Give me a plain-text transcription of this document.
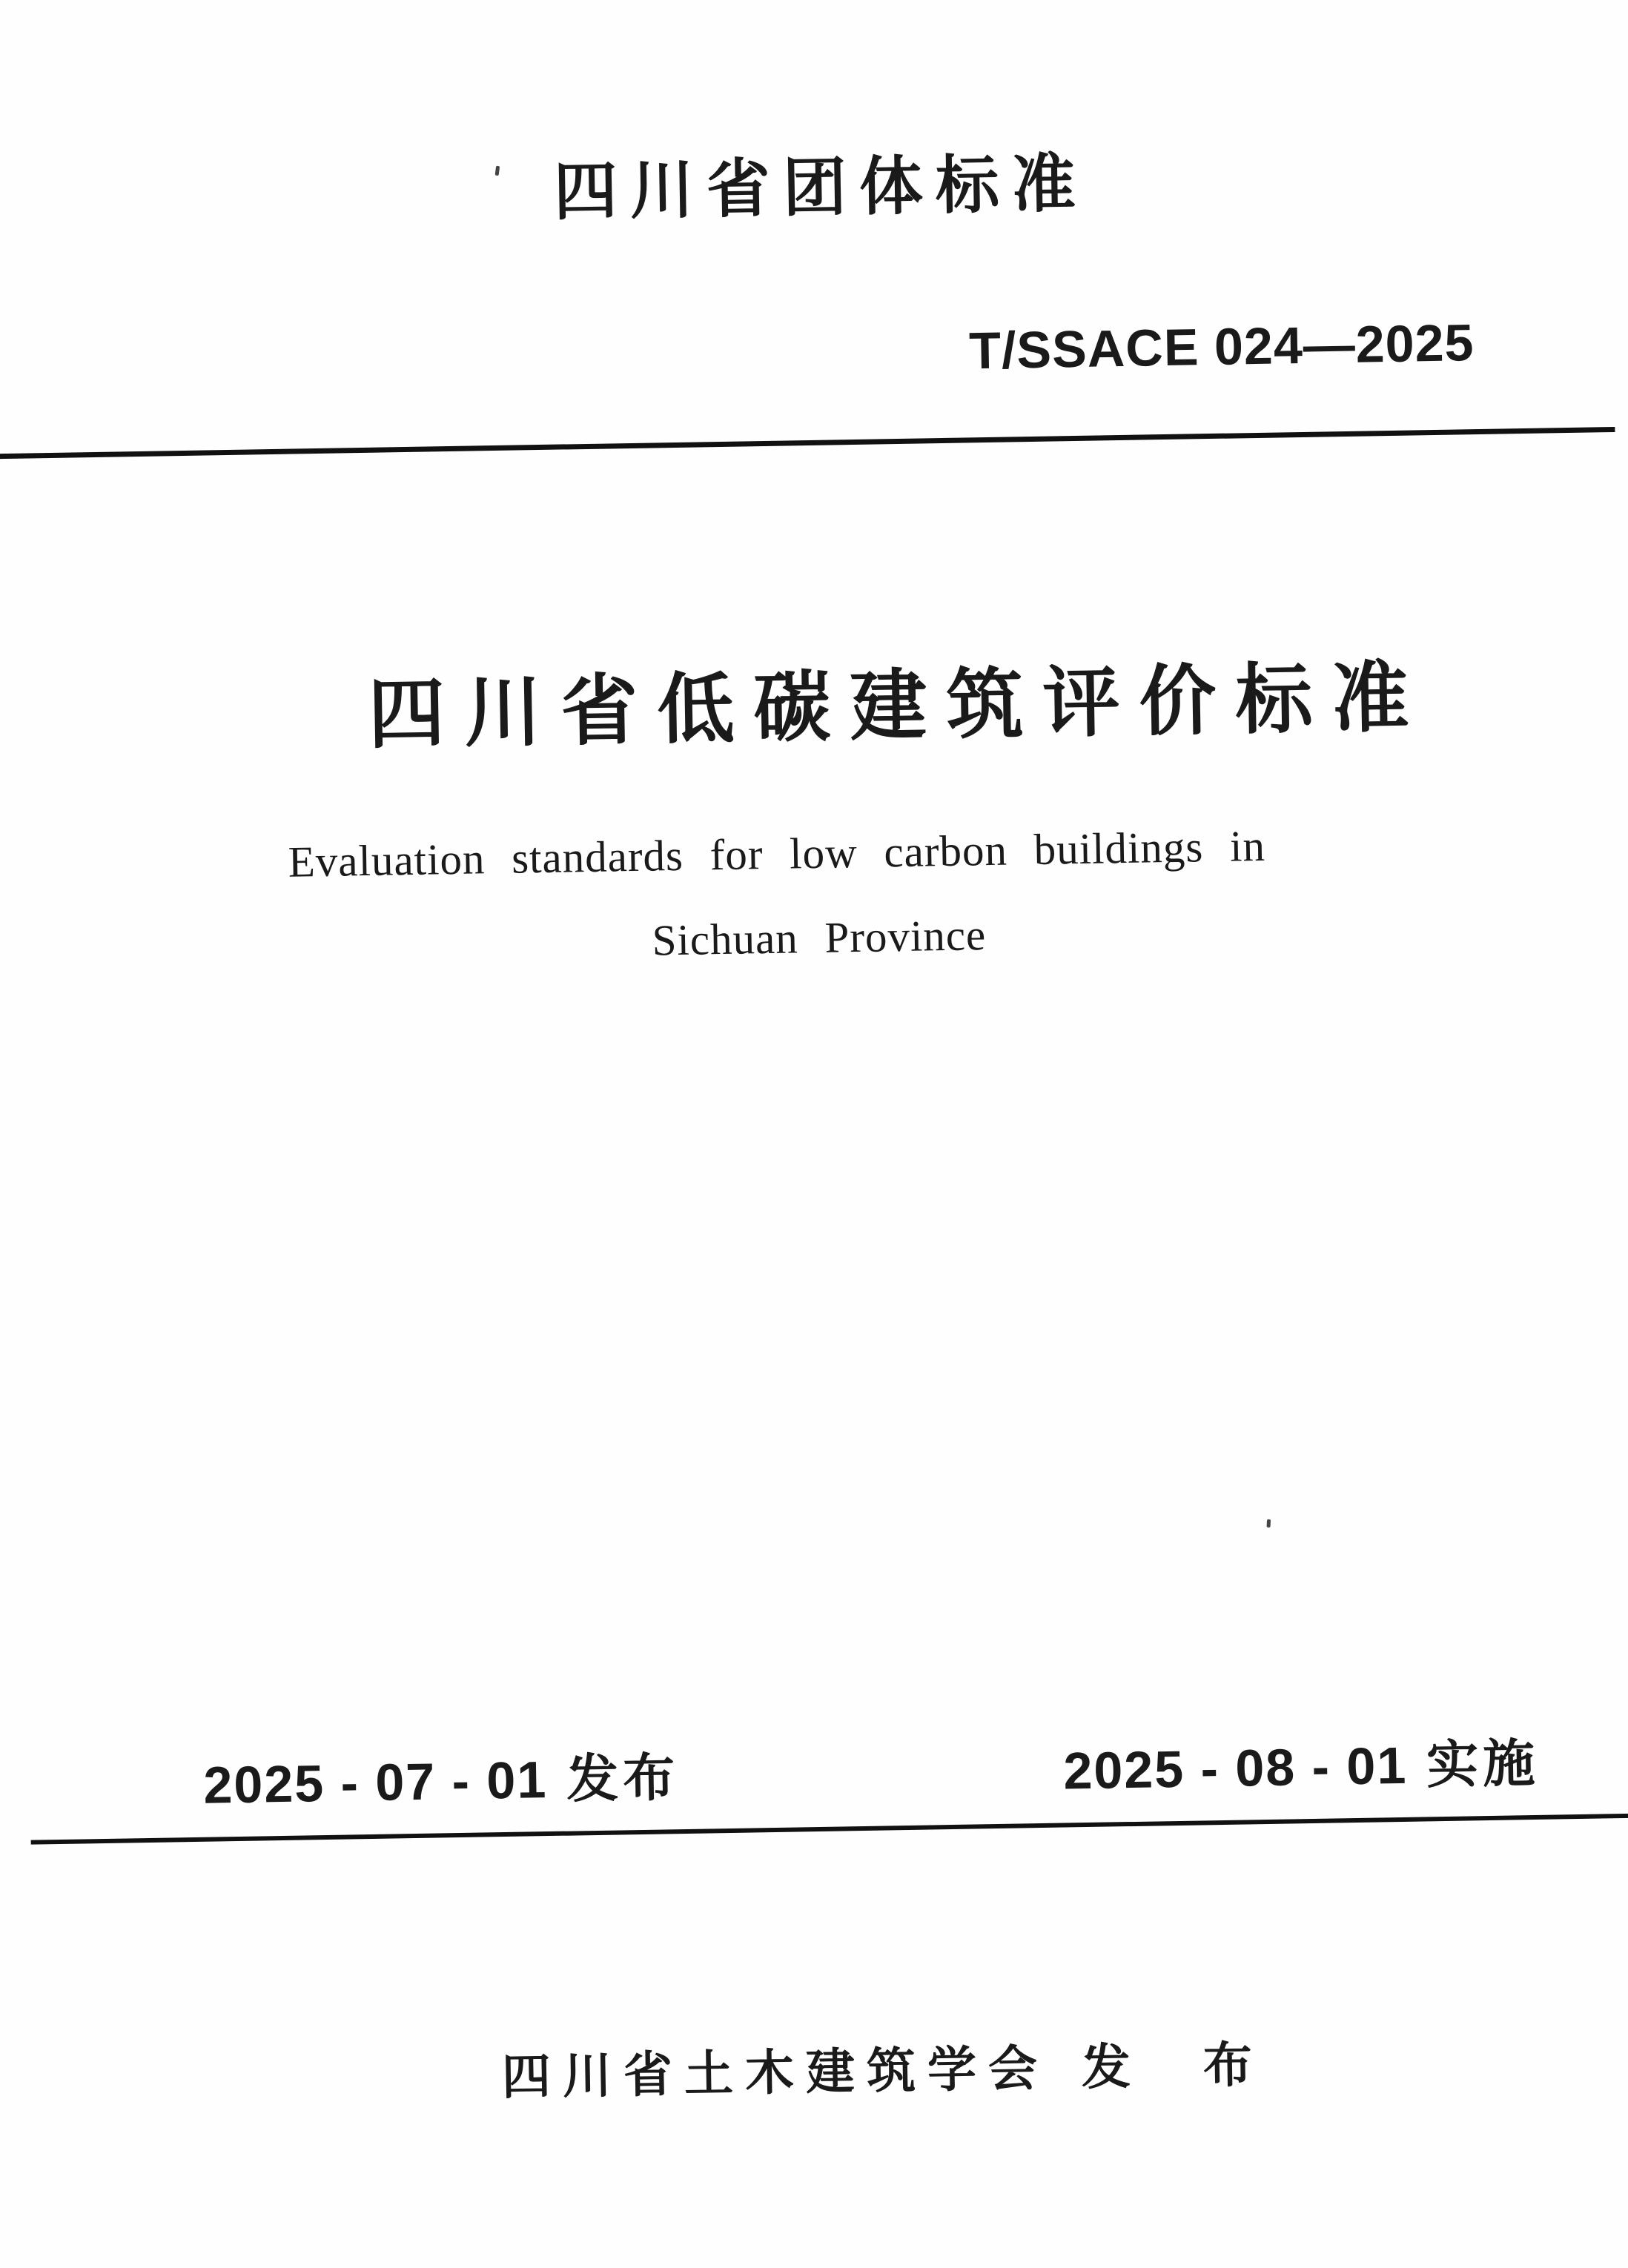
四川省团体标准
T/SSACE 024—2025
四川省低碳建筑评价标准
Evaluation standards for low carbon buildings in
Sichuan Province
2025 - 07 - 01 发布	2025 - 08 - 01 实施
四川省土木建筑学会 发　布
